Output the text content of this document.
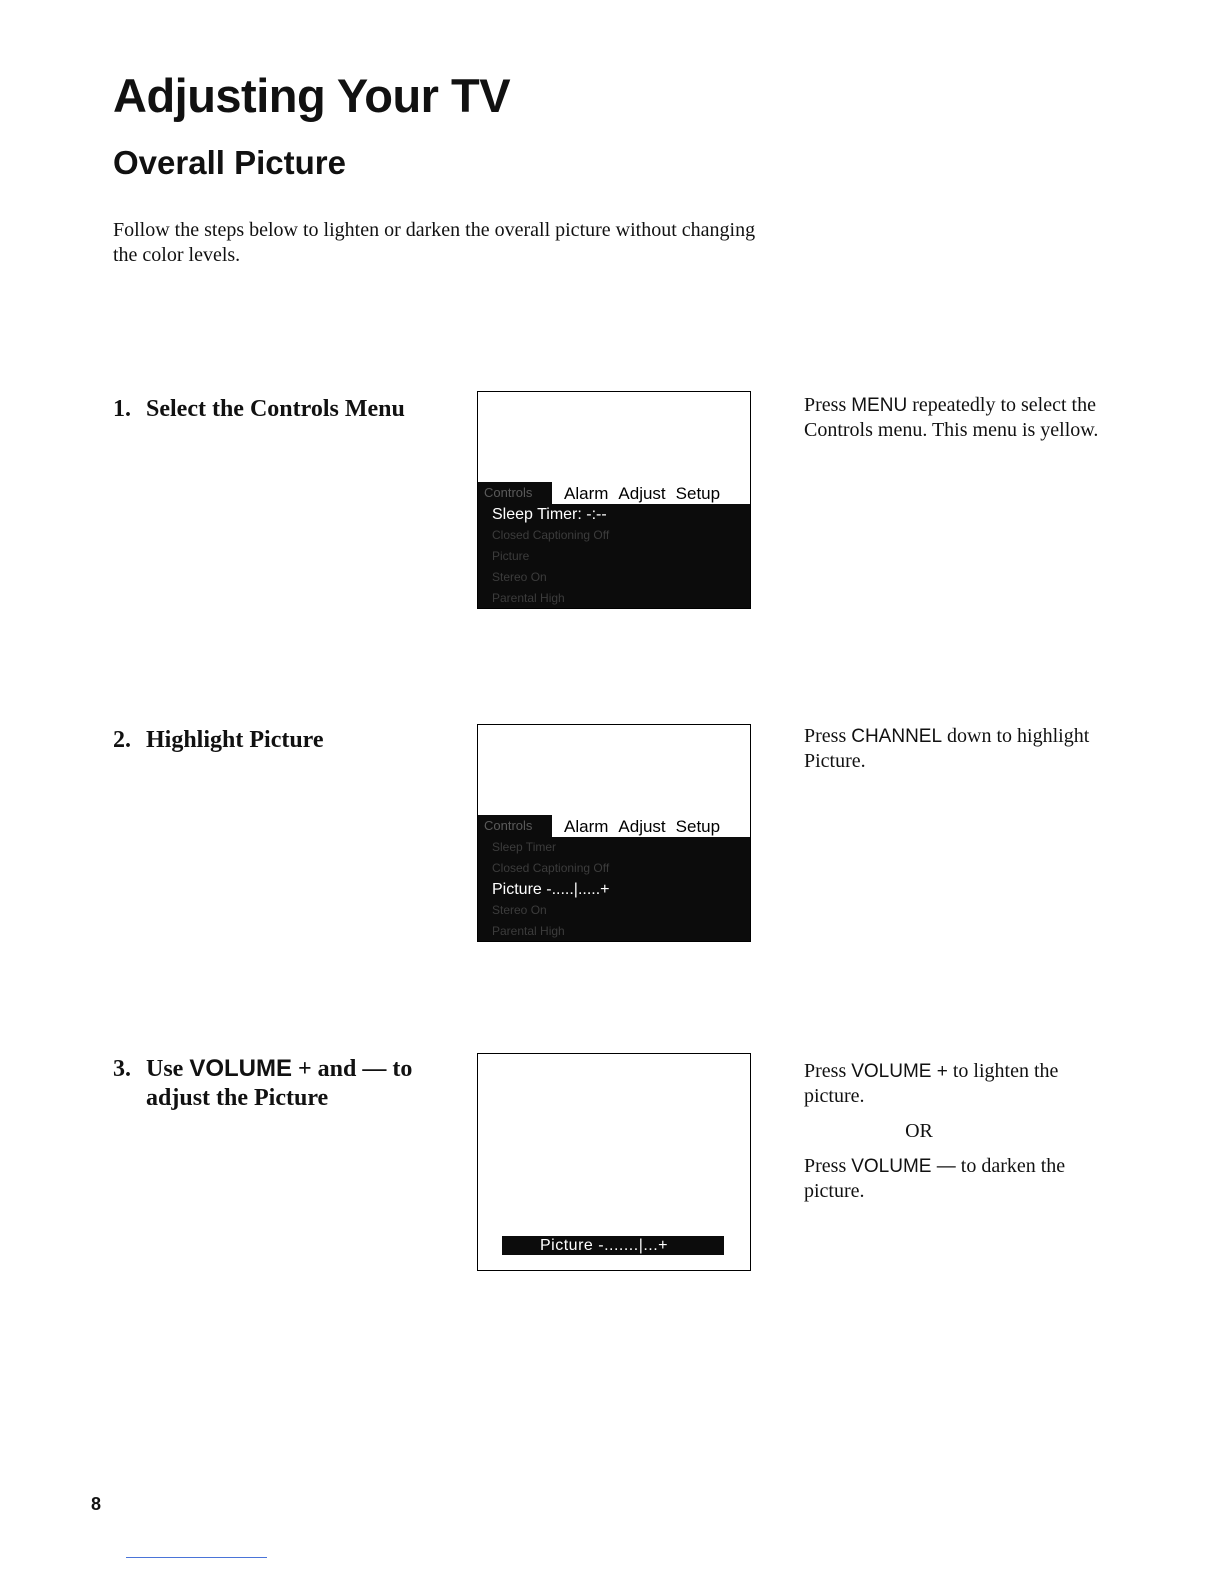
Adjusting Your TV
Overall Picture

Follow the steps below to lighten or darken the overall picture without changing the color levels.

1. Select the Controls Menu
Controls	Alarm Adjust Setup
Sleep Timer: -:--
Closed Captioning Off
Picture
Stereo On
Parental High

Press MENU repeatedly to select the Controls menu. This menu is yellow.

2. Highlight Picture
Controls	Alarm Adjust Setup
Sleep Timer
Closed Captioning Off
Picture -.....|.....+
Stereo On
Parental High

Press CHANNEL down to highlight Picture.

3. Use VOLUME + and — to
adjust the Picture
Picture -.......|...+

Press VOLUME + to lighten the picture.

OR

Press VOLUME — to darken the picture.

8
